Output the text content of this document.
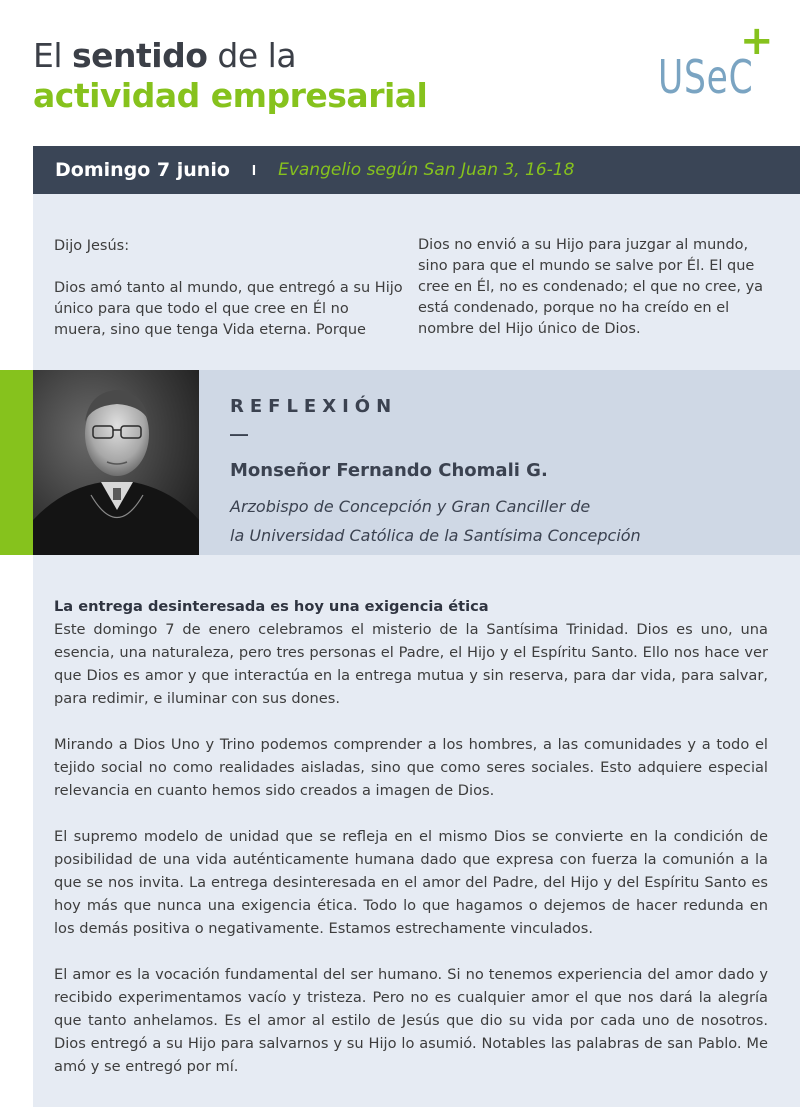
El sentido de la
actividad empresarial	USeC
+
Domingo 7 junio I Evangelio según San Juan 3, 16-18

Dijo Jesús:

Dios amó tanto al mundo, que entregó a su Hijo único para que todo el que cree en Él no muera, sino que tenga Vida eterna. Porque

Dios no envió a su Hijo para juzgar al mundo, sino para que el mundo se salve por Él. El que cree en Él, no es condenado; el que no cree, ya está condenado, porque no ha creído en el nombre del Hijo único de Dios.

REFLEXIÓN
—
Monseñor Fernando Chomali G.
Arzobispo de Concepción y Gran Canciller de
la Universidad Católica de la Santísima Concepción
La entrega desinteresada es hoy una exigencia ética

Este domingo 7 de enero celebramos el misterio de la Santísima Trinidad. Dios es uno, una esencia, una naturaleza, pero tres personas el Padre, el Hijo y el Espíritu Santo. Ello nos hace ver que Dios es amor y que interactúa en la entrega mutua y sin reserva, para dar vida, para salvar, para redimir, e iluminar con sus dones.

Mirando a Dios Uno y Trino podemos comprender a los hombres, a las comunidades y a todo el tejido social no como realidades aisladas, sino que como seres sociales. Esto adquiere especial relevancia en cuanto hemos sido creados a imagen de Dios.

El supremo modelo de unidad que se refleja en el mismo Dios se convierte en la condición de posibilidad de una vida auténticamente humana dado que expresa con fuerza la comunión a la que se nos invita. La entrega desinteresada en el amor del Padre, del Hijo y del Espíritu Santo es hoy más que nunca una exigencia ética. Todo lo que hagamos o dejemos de hacer redunda en los demás positiva o negativamente. Estamos estrechamente vinculados.

El amor es la vocación fundamental del ser humano. Si no tenemos experiencia del amor dado y recibido experimentamos vacío y tristeza. Pero no es cualquier amor el que nos dará la alegría que tanto anhelamos. Es el amor al estilo de Jesús que dio su vida por cada uno de nosotros. Dios entregó a su Hijo para salvarnos y su Hijo lo asumió. Notables las palabras de san Pablo. Me amó y se entregó por mí.
